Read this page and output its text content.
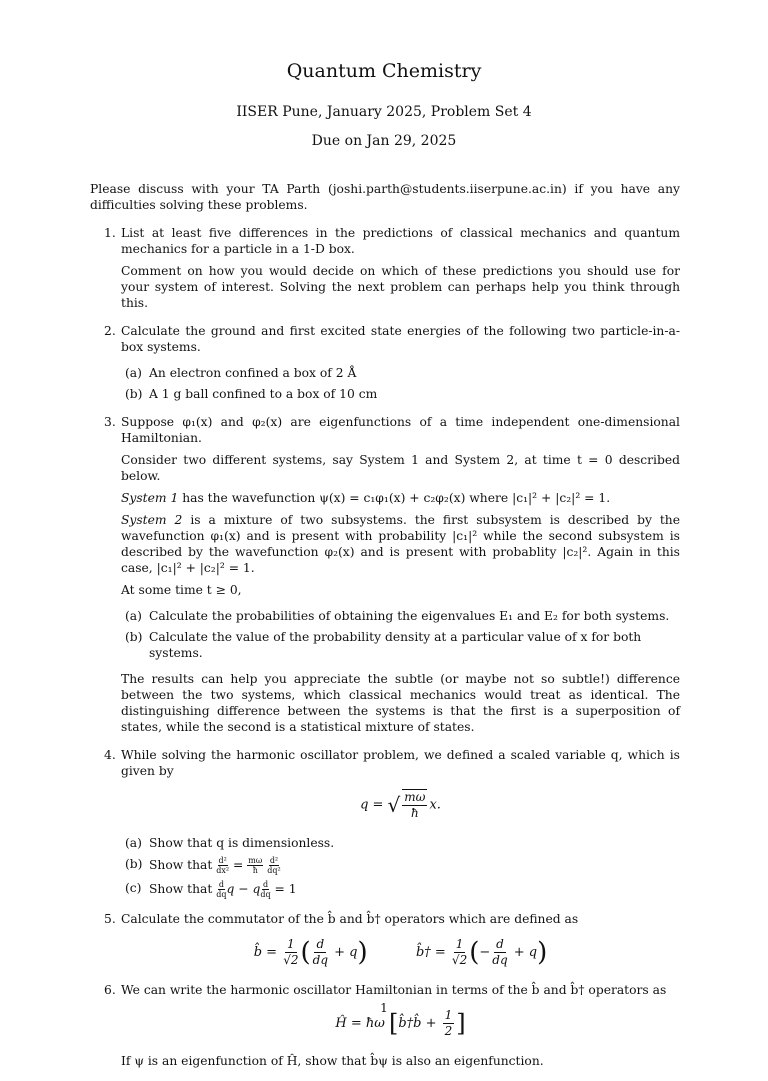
Quantum Chemistry
IISER Pune, January 2025, Problem Set 4
Due on Jan 29, 2025
Please discuss with your TA Parth (joshi.parth@students.iiserpune.ac.in) if you have any difficulties solving these problems.
1. List at least five differences in the predictions of classical mechanics and quantum mechanics for a particle in a 1-D box.

Comment on how you would decide on which of these predictions you should use for your system of interest. Solving the next problem can perhaps help you think through this.

2. Calculate the ground and first excited state energies of the following two particle-in-a-box systems.

(a) An electron confined a box of 2 Å
(b) A 1 g ball confined to a box of 10 cm
3. Suppose φ₁(x) and φ₂(x) are eigenfunctions of a time independent one-dimensional Hamiltonian.

Consider two different systems, say System 1 and System 2, at time t = 0 described below.

System 1 has the wavefunction ψ(x) = c₁φ₁(x) + c₂φ₂(x) where |c₁|² + |c₂|² = 1.

System 2 is a mixture of two subsystems. the first subsystem is described by the wavefunction φ₁(x) and is present with probability |c₁|² while the second subsystem is described by the wavefunction φ₂(x) and is present with probablity |c₂|². Again in this case, |c₁|² + |c₂|² = 1.

At some time t ≥ 0,

(a) Calculate the probabilities of obtaining the eigenvalues E₁ and E₂ for both systems.
(b) Calculate the value of the probability density at a particular value of x for both systems.

The results can help you appreciate the subtle (or maybe not so subtle!) difference between the two systems, which classical mechanics would treat as identical. The distinguishing difference between the systems is that the first is a superposition of states, while the second is a statistical mixture of states.

4. While solving the harmonic oscillator problem, we defined a scaled variable q, which is given by

q = √ $\frac{m\omega}{ħ} x$.
(a) Show that q is dimensionless.
(b) Show that $\frac{\text{d²}}{\text{dx²}} = \frac{m\omega}{ħ}$
$\frac{\text{d²}}{\text{dq²}}$
(c) Show that $\frac{d}{dq}$ q − q $\frac{d}{dq} = 1$
5. Calculate the commutator of the b̂ and b̂† operators which are defined as

b̂ = $\frac{1}{√2}$ ( $\frac{d}{dq} + q$)	b̂† = $\frac{1}{√2}$ (− $\frac{d}{dq} + q$)
6. We can write the harmonic oscillator Hamiltonian in terms of the b̂ and b̂† operators as

Ĥ = ħω [b̂†b̂ + $\frac{1}{2}$ ]

If ψ is an eigenfunction of Ĥ, show that b̂ψ is also an eigenfunction.

1
